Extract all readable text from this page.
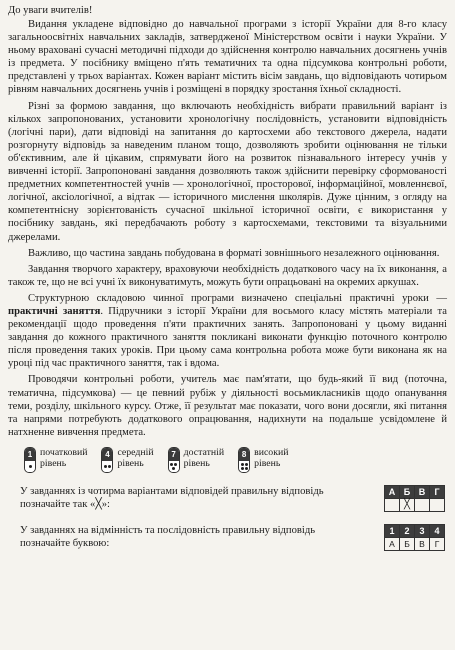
До уваги вчителів!

Видання укладене відповідно до навчальної програми з історії України для 8-го класу загальноосвітніх навчальних закладів, затвердженої Міністерством освіти і науки України. У ньому враховані сучасні методичні підходи до здійснення контролю навчальних досягнень учнів із предмета. У посібнику вміщено п'ять тематичних та одна підсумкова контрольні роботи, представлені у трьох варіантах. Кожен варіант містить вісім завдань, що відповідають чотирьом рівням навчальних досягнень учнів і розміщені в порядку зростання їхньої складності.

Різні за формою завдання, що включають необхідність вибрати правильний варіант із кількох запропонованих, установити хронологічну послідовність, установити відповідність (логічні пари), дати відповіді на запитання до картосхеми або текстового джерела, надати розгорнуту відповідь за наведеним планом тощо, дозволяють зробити оцінювання не тільки об'єктивним, але й цікавим, спрямувати його на розвиток пізнавального інтересу учнів у вивченні історії. Запропоновані завдання дозволяють також здійснити перевірку сформованості предметних компетентностей учнів — хронологічної, просторової, інформаційної, мовленнєвої, логічної, аксіологічної, а відтак — історичного мислення школярів. Дуже цінним, з огляду на компетентнісну зорієнтованість сучасної шкільної історичної освіти, є використання у посібнику завдань, які передбачають роботу з картосхемами, текстовими та візуальними джерелами.

Важливо, що частина завдань побудована в форматі зовнішнього незалежного оцінювання.

Завдання творчого характеру, враховуючи необхідність додаткового часу на їх виконання, а також те, що не всі учні їх виконуватимуть, можуть бути опрацьовані на окремих аркушах.

Структурною складовою чинної програми визначено спеціальні практичні уроки — практичні заняття. Підручники з історії України для восьмого класу містять матеріали та рекомендації щодо проведення п'яти практичних занять. Запропоновані у цьому виданні завдання до кожного практичного заняття покликані виконати функцію поточного контролю після проведення таких уроків. При цьому сама контрольна робота може бути виконана як на уроці під час практичного заняття, так і вдома.

Проводячи контрольні роботи, учитель має пам'ятати, що будь-який її вид (поточна, тематична, підсумкова) — це певний рубіж у діяльності восьмикласників щодо опанування теми, розділу, шкільного курсу. Отже, її результат має показати, чого вони досягли, які питання та напрями потребують додаткового опрацювання, надихнути на подальше усвідомлене й натхненне вивчення предмета.

1 початковий
рівень
4 середній
рівень
7 достатній
рівень
8 високий
рівень
У завданнях із чотирма варіантами відповідей правильну відповідь позначайте так «╳»:
А	Б	В	Г
	╳		
У завданнях на відмінність та послідовність правильну відповідь позначайте буквою:
1	2	3	4
А	Б	В	Г
